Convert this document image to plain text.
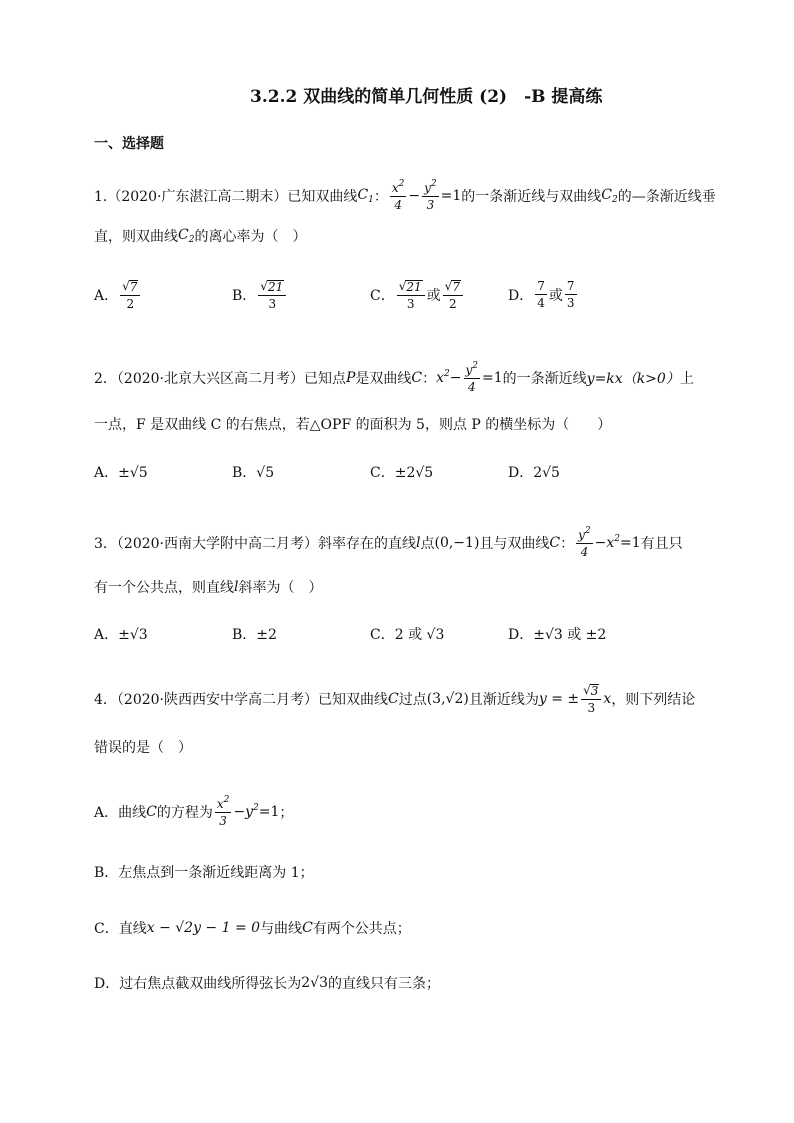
3.2.2 双曲线的简单几何性质 (2)　-B 提高练
一、选择题
1.（2020·广东湛江高二期末）已知双曲线 $C_1$ ： $\frac{x^2}{4} - \frac{y^2}{3} =1$ 的一条渐近线与双曲线 $C_2$ 的—条渐近线垂
直，则双曲线 $C_2$ 的离心率为（　）
A． $\frac{√ 7}{2}$	B． $\frac{√ 21}{3}$	C． $\frac{√ 21}{3}$ 或 $\frac{√ 7}{2}$	D． $\frac{7}{4}$ 或 $\frac{7}{3}$
2．（2020·北京大兴区高二月考）已知点 P 是双曲线 C ： $x^2 - \frac{y^2}{4} =1$ 的一条渐近线 y=kx（k>0） 上
一点，F 是双曲线 C 的右焦点，若△OPF 的面积为 5，则点 P 的横坐标为（　　）
A．±√5	B．√5	C．±2√5	D．2√5
3．（2020·西南大学附中高二月考）斜率存在的直线 l 点 (0,−1) 且与双曲线 C ： $\frac{y^2}{4} -x^2 =1$ 有且只
有一个公共点，则直线 l 斜率为（　）
A．±√3	B．±2	C．2 或 √3	D．±√3 或 ±2
4．（2020·陕西西安中学高二月考）已知双曲线 C 过点 (3,√2) 且渐近线为 y = ± $\frac{√ 3}{3}$ x ，则下列结论
错误的是（　）
A．曲线 C 的方程为 $\frac{x^2}{3} -y^2 =1$ ；
B．左焦点到一条渐近线距离为 1；
C．直线 x − √2y − 1 = 0 与曲线 C 有两个公共点；
D．过右焦点截双曲线所得弦长为 2√3 的直线只有三条；
